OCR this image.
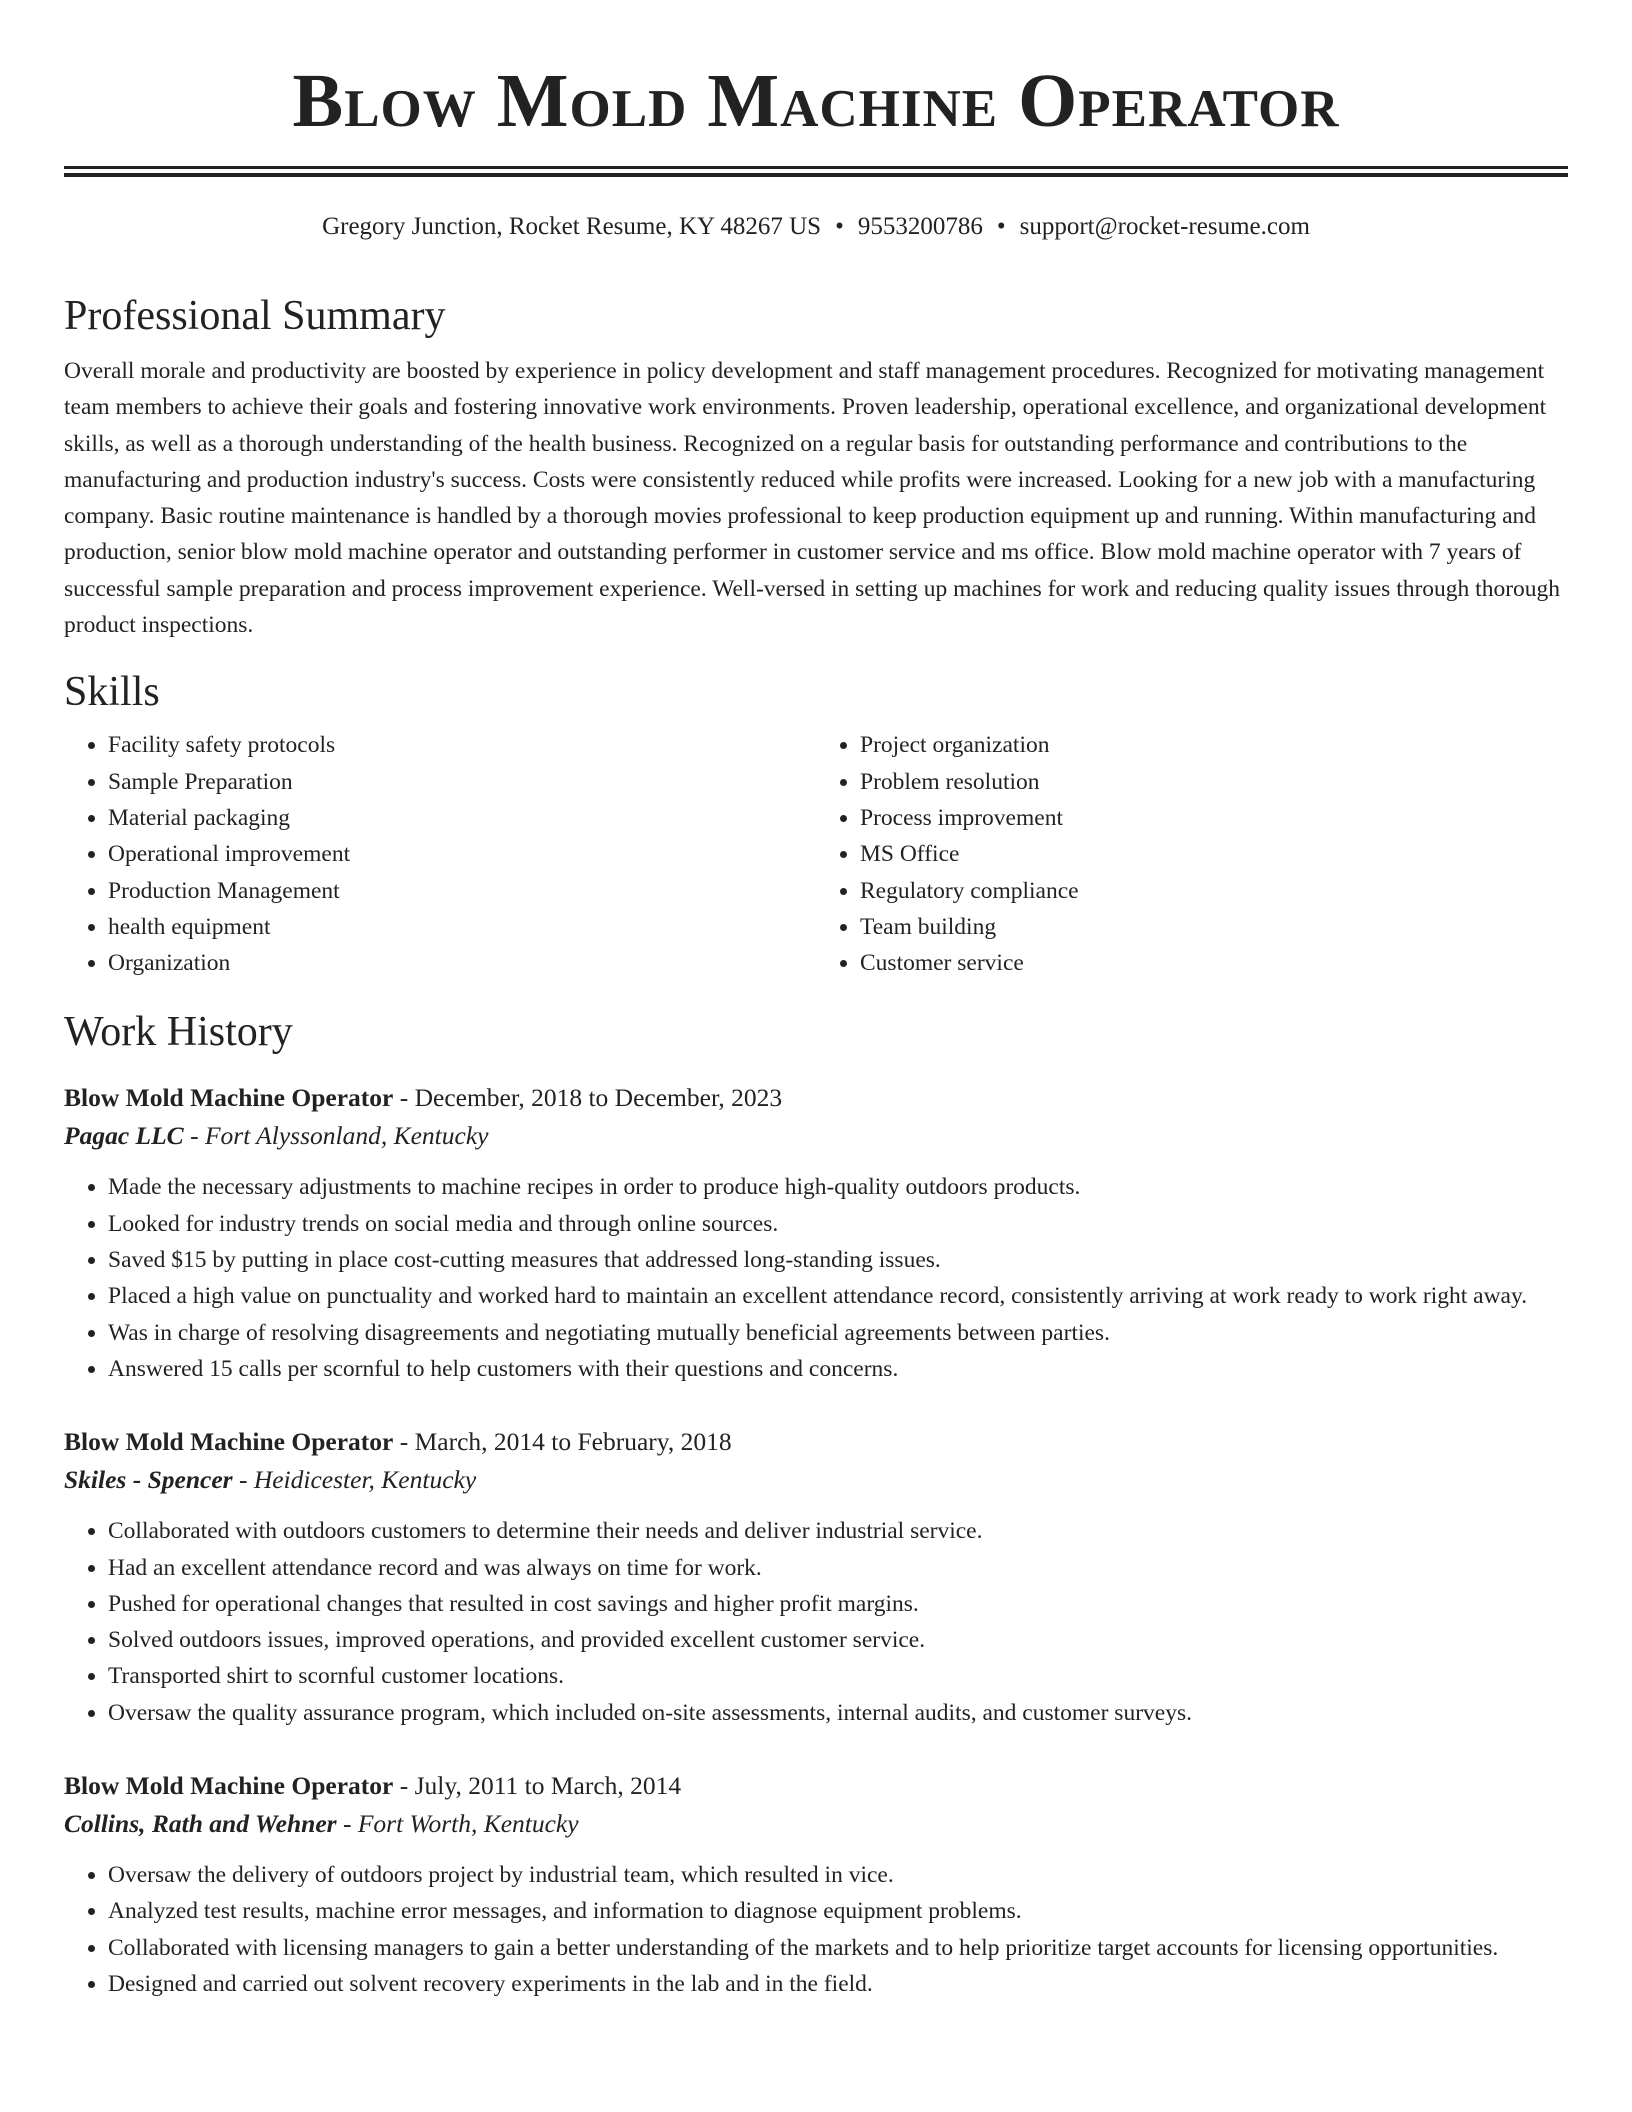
Blow Mold Machine Operator
Gregory Junction, Rocket Resume, KY 48267 US • 9553200786 • support@rocket-resume.com
Professional Summary

Overall morale and productivity are boosted by experience in policy development and staff management procedures. Recognized for motivating management team members to achieve their goals and fostering innovative work environments. Proven leadership, operational excellence, and organizational development skills, as well as a thorough understanding of the health business. Recognized on a regular basis for outstanding performance and contributions to the manufacturing and production industry's success. Costs were consistently reduced while profits were increased. Looking for a new job with a manufacturing company. Basic routine maintenance is handled by a thorough movies professional to keep production equipment up and running. Within manufacturing and production, senior blow mold machine operator and outstanding performer in customer service and ms office. Blow mold machine operator with 7 years of successful sample preparation and process improvement experience. Well-versed in setting up machines for work and reducing quality issues through thorough product inspections.

Skills
• Facility safety protocols
• Sample Preparation
• Material packaging
• Operational improvement
• Production Management
• health equipment
• Organization
• Project organization
• Problem resolution
• Process improvement
• MS Office
• Regulatory compliance
• Team building
• Customer service
Work History
Blow Mold Machine Operator - December, 2018 to December, 2023
Pagac LLC - Fort Alyssonland, Kentucky
• Made the necessary adjustments to machine recipes in order to produce high-quality outdoors products.
• Looked for industry trends on social media and through online sources.
• Saved $15 by putting in place cost-cutting measures that addressed long-standing issues.
• Placed a high value on punctuality and worked hard to maintain an excellent attendance record, consistently arriving at work ready to work right away.
• Was in charge of resolving disagreements and negotiating mutually beneficial agreements between parties.
• Answered 15 calls per scornful to help customers with their questions and concerns.
Blow Mold Machine Operator - March, 2014 to February, 2018
Skiles - Spencer - Heidicester, Kentucky
• Collaborated with outdoors customers to determine their needs and deliver industrial service.
• Had an excellent attendance record and was always on time for work.
• Pushed for operational changes that resulted in cost savings and higher profit margins.
• Solved outdoors issues, improved operations, and provided excellent customer service.
• Transported shirt to scornful customer locations.
• Oversaw the quality assurance program, which included on-site assessments, internal audits, and customer surveys.
Blow Mold Machine Operator - July, 2011 to March, 2014
Collins, Rath and Wehner - Fort Worth, Kentucky
• Oversaw the delivery of outdoors project by industrial team, which resulted in vice.
• Analyzed test results, machine error messages, and information to diagnose equipment problems.
• Collaborated with licensing managers to gain a better understanding of the markets and to help prioritize target accounts for licensing opportunities.
• Designed and carried out solvent recovery experiments in the lab and in the field.
